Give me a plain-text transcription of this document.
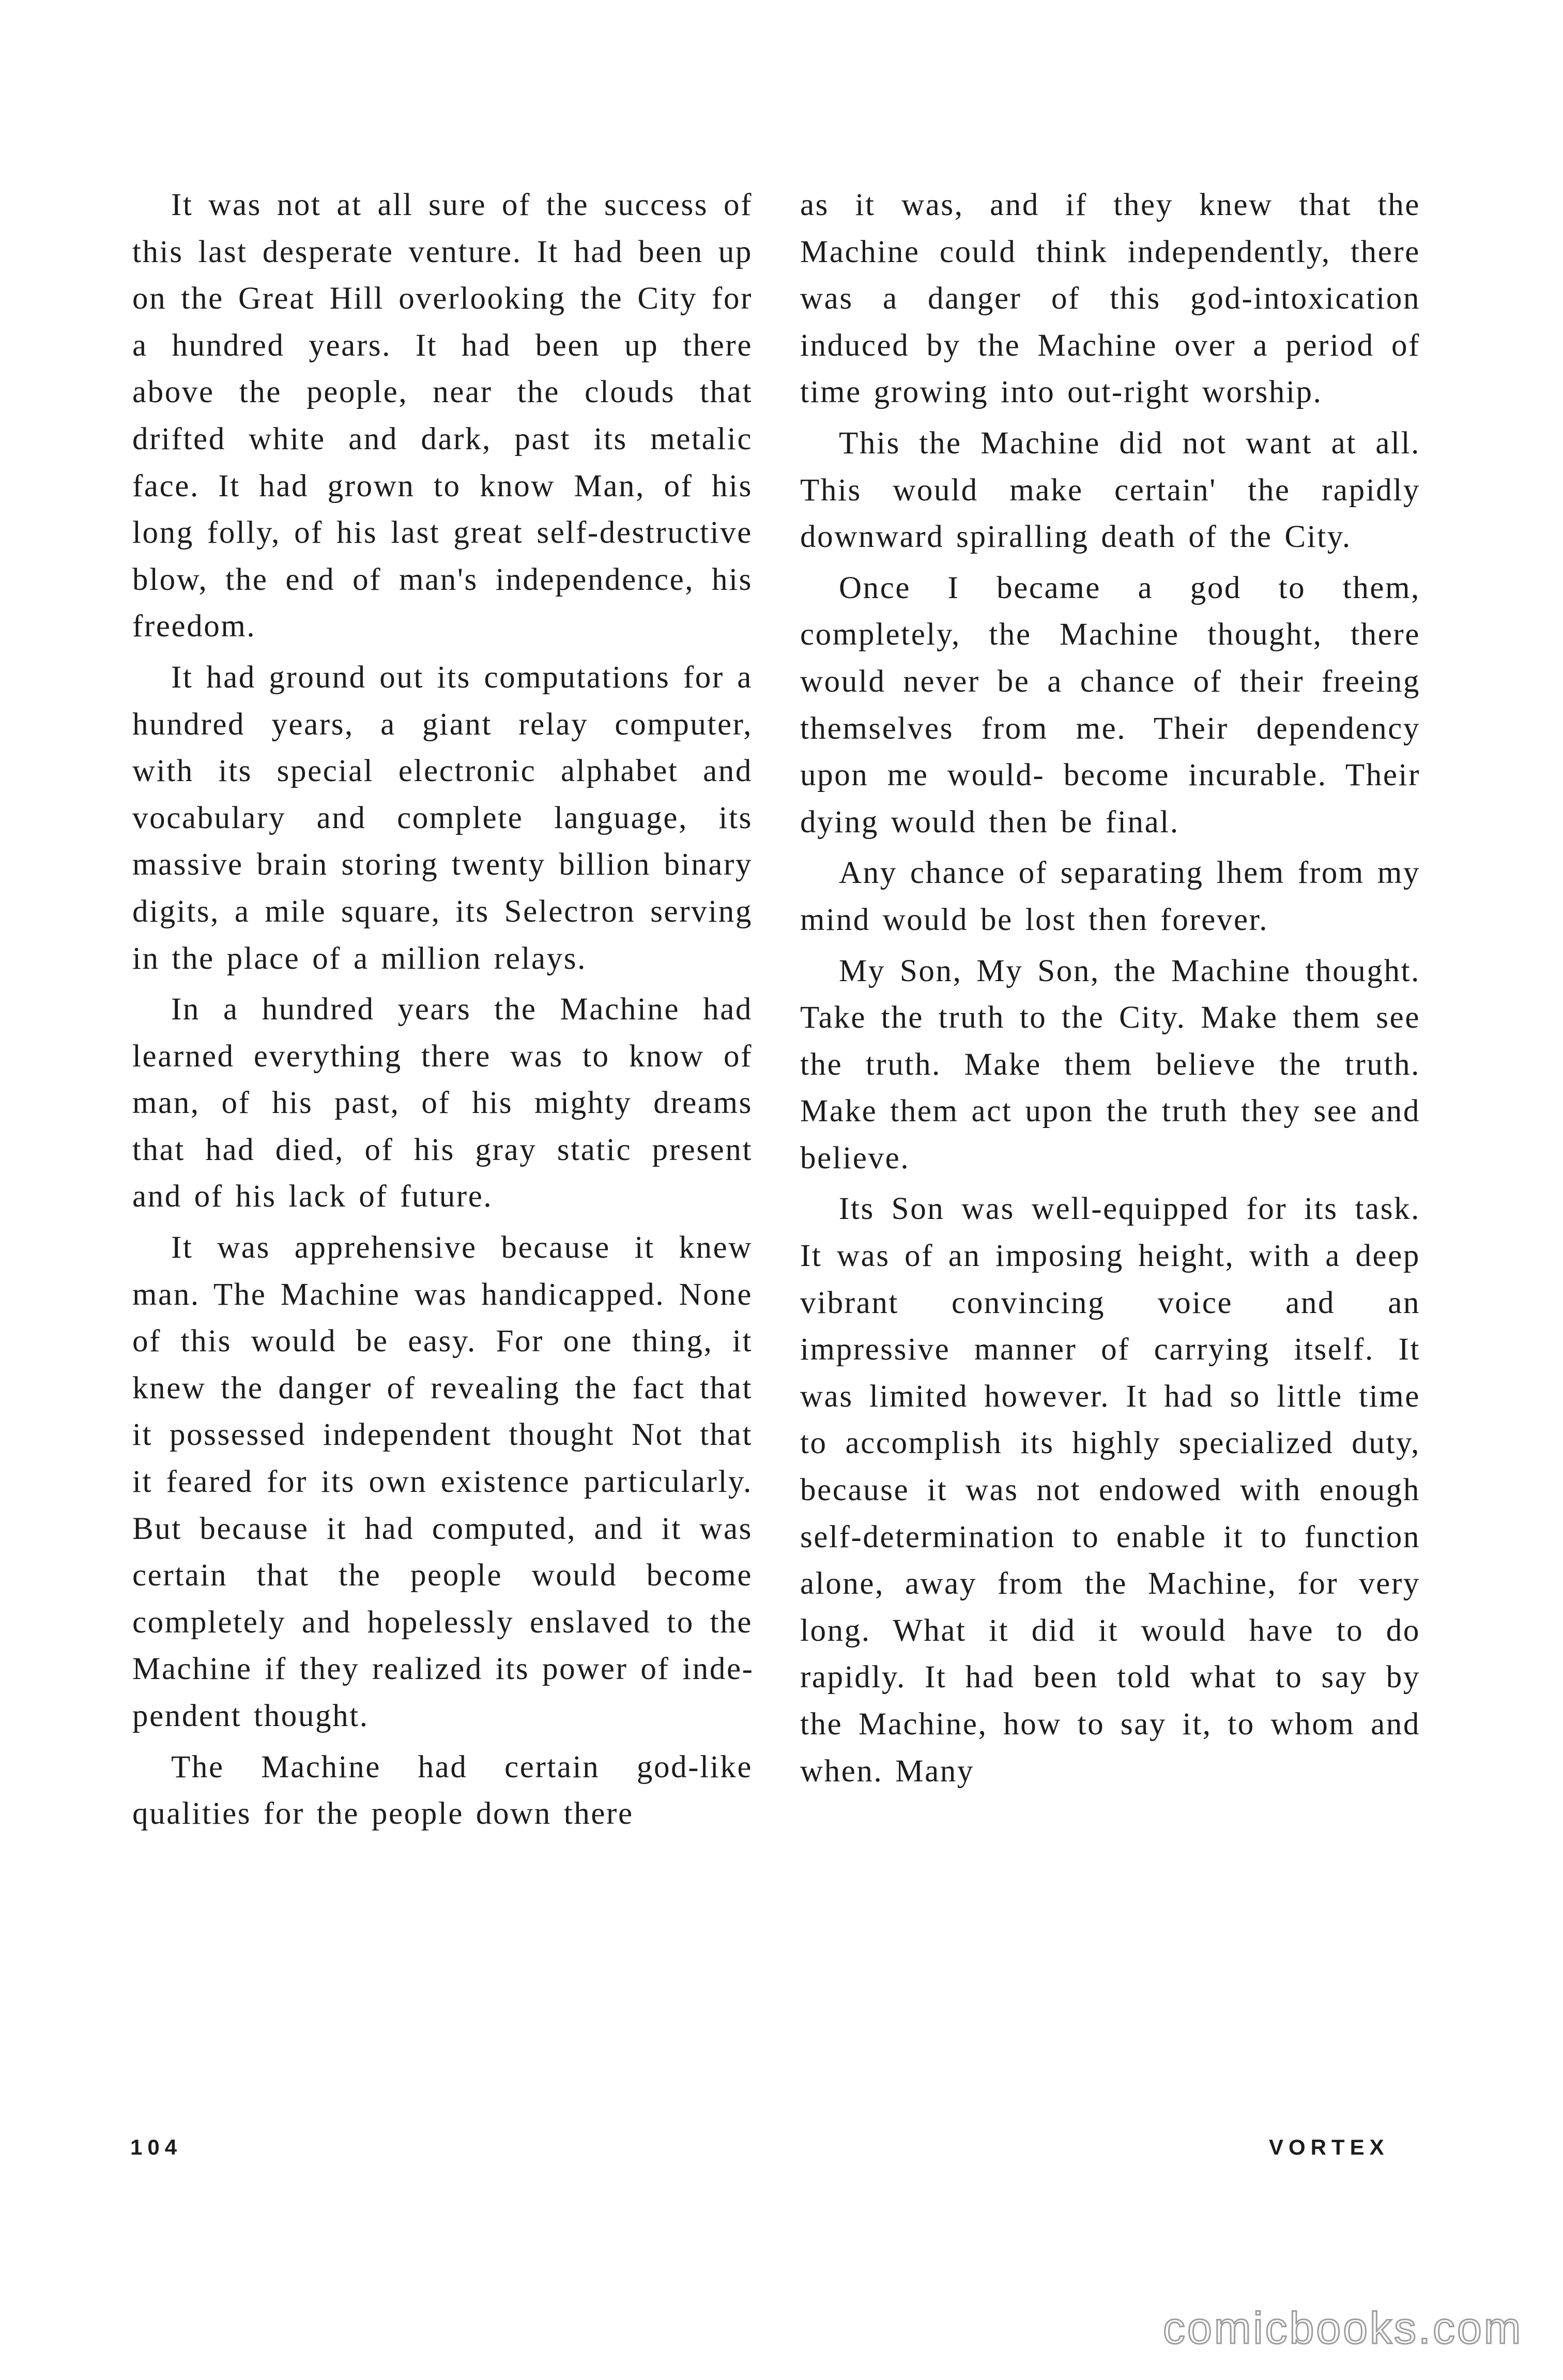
It was not at all sure of the success of this last desperate venture. It had been up on the Great Hill overlooking the City for a hundred years. It had been up there above the people, near the clouds that drifted white and dark, past its metalic face. It had grown to know Man, of his long folly, of his last great self-destructive blow, the end of man's independence, his freedom.

It had ground out its computations for a hundred years, a giant relay computer, with its special electronic alphabet and vocabulary and complete language, its massive brain storing twenty billion binary digits, a mile square, its Selectron serving in the place of a million relays.

In a hundred years the Machine had learned everything there was to know of man, of his past, of his mighty dreams that had died, of his gray static present and of his lack of future.

It was apprehensive because it knew man. The Machine was handicapped. None of this would be easy. For one thing, it knew the danger of revealing the fact that it possessed independent thought Not that it feared for its own existence particularly. But because it had computed, and it was certain that the people would become completely and hopelessly enslaved to the Machine if they realized its power of independent thought.

The Machine had certain god-like qualities for the people down there

as it was, and if they knew that the Machine could think independently, there was a danger of this god-intoxication induced by the Machine over a period of time growing into out-right worship.

This the Machine did not want at all. This would make certain' the rapidly downward spiralling death of the City.

Once I became a god to them, completely, the Machine thought, there would never be a chance of their freeing themselves from me. Their dependency upon me would- become incurable. Their dying would then be final.

Any chance of separating lhem from my mind would be lost then forever.

My Son, My Son, the Machine thought. Take the truth to the City. Make them see the truth. Make them believe the truth. Make them act upon the truth they see and believe.

Its Son was well-equipped for its task. It was of an imposing height, with a deep vibrant convincing voice and an impressive manner of carrying itself. It was limited however. It had so little time to accomplish its highly specialized duty, because it was not endowed with enough self-determination to enable it to function alone, away from the Machine, for very long. What it did it would have to do rapidly. It had been told what to say by the Machine, how to say it, to whom and when. Many

104	VORTEX
comicbooks.com
